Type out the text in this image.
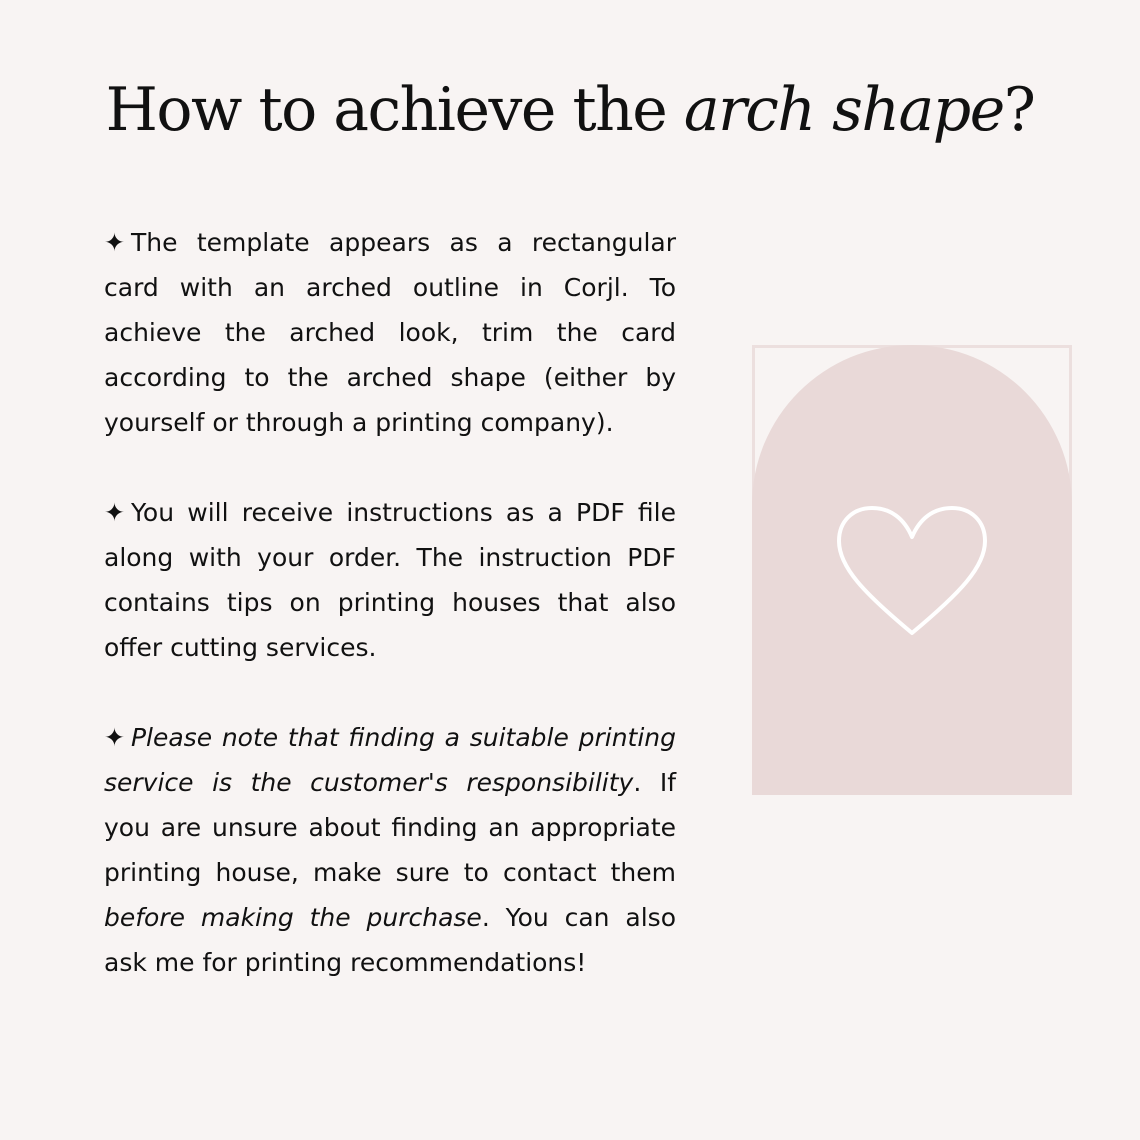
How to achieve the arch shape?
✦ The template appears as a rectangular card with an arched outline in Corjl. To achieve the arched look, trim the card according to the arched shape (either by yourself or through a printing company).
✦ You will receive instructions as a PDF file along with your order. The instruction PDF contains tips on printing houses that also offer cutting services.
✦ Please note that finding a suitable printing service is the customer's responsibility. If you are unsure about finding an appropriate printing house, make sure to contact them before making the purchase. You can also ask me for printing recommendations!
